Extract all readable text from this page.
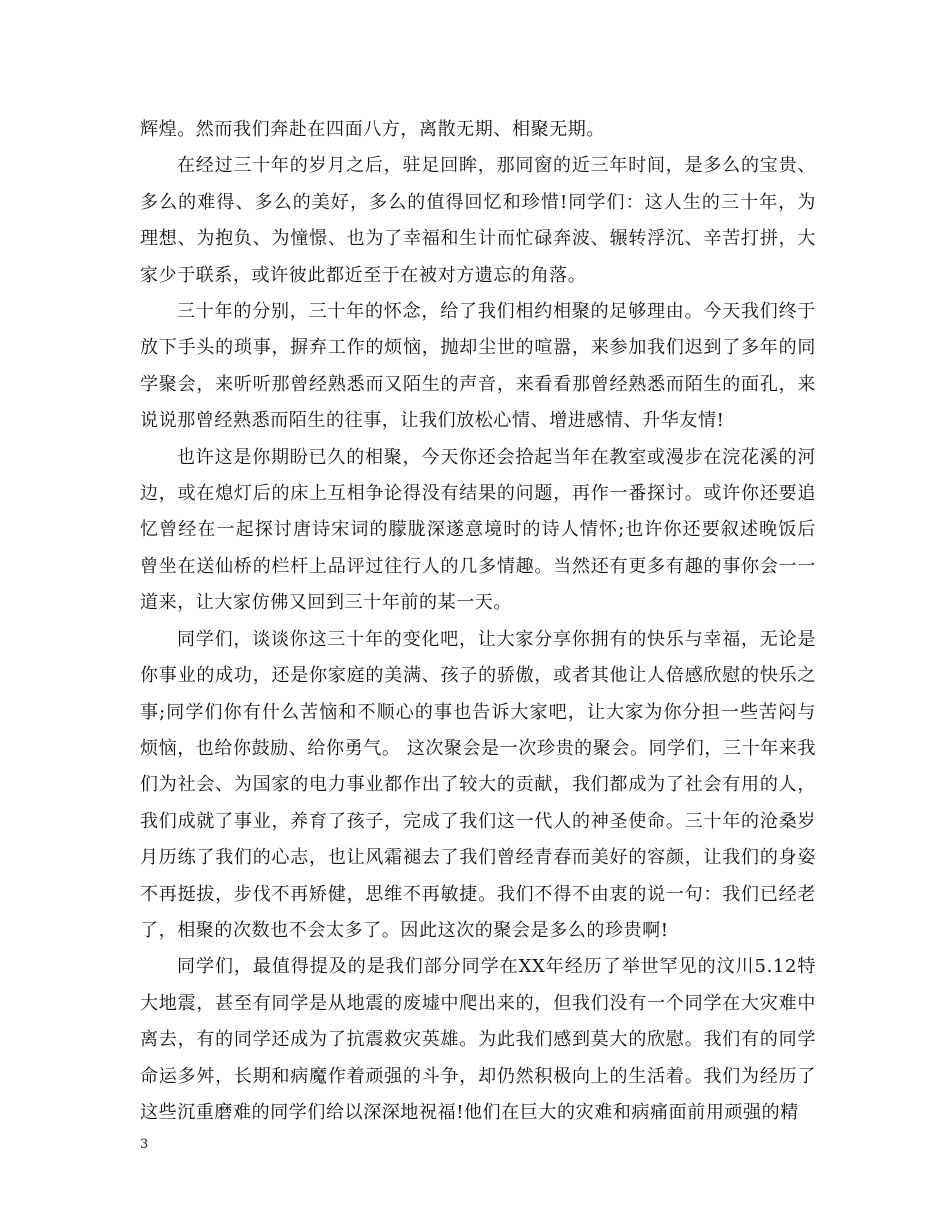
辉煌。然而我们奔赴在四面八方，离散无期、相聚无期。

在经过三十年的岁月之后，驻足回眸，那同窗的近三年时间，是多么的宝贵、多么的难得、多么的美好，多么的值得回忆和珍惜!同学们：这人生的三十年，为理想、为抱负、为憧憬、也为了幸福和生计而忙碌奔波、辗转浮沉、辛苦打拼，大家少于联系，或许彼此都近至于在被对方遗忘的角落。

三十年的分别，三十年的怀念，给了我们相约相聚的足够理由。今天我们终于放下手头的琐事，摒弃工作的烦恼，抛却尘世的喧嚣，来参加我们迟到了多年的同学聚会，来听听那曾经熟悉而又陌生的声音，来看看那曾经熟悉而陌生的面孔，来说说那曾经熟悉而陌生的往事，让我们放松心情、增进感情、升华友情!

也许这是你期盼已久的相聚，今天你还会拾起当年在教室或漫步在浣花溪的河边，或在熄灯后的床上互相争论得没有结果的问题，再作一番探讨。或许你还要追忆曾经在一起探讨唐诗宋词的朦胧深遂意境时的诗人情怀;也许你还要叙述晚饭后曾坐在送仙桥的栏杆上品评过往行人的几多情趣。当然还有更多有趣的事你会一一道来，让大家仿佛又回到三十年前的某一天。

同学们，谈谈你这三十年的变化吧，让大家分享你拥有的快乐与幸福，无论是你事业的成功，还是你家庭的美满、孩子的骄傲，或者其他让人倍感欣慰的快乐之事;同学们你有什么苦恼和不顺心的事也告诉大家吧，让大家为你分担一些苦闷与烦恼，也给你鼓励、给你勇气。 这次聚会是一次珍贵的聚会。同学们，三十年来我们为社会、为国家的电力事业都作出了较大的贡献，我们都成为了社会有用的人，我们成就了事业，养育了孩子，完成了我们这一代人的神圣使命。三十年的沧桑岁月历练了我们的心志，也让风霜褪去了我们曾经青春而美好的容颜，让我们的身姿不再挺拔，步伐不再矫健，思维不再敏捷。我们不得不由衷的说一句：我们已经老了，相聚的次数也不会太多了。因此这次的聚会是多么的珍贵啊!

同学们，最值得提及的是我们部分同学在XX年经历了举世罕见的汶川5.12特大地震，甚至有同学是从地震的废墟中爬出来的，但我们没有一个同学在大灾难中离去，有的同学还成为了抗震救灾英雄。为此我们感到莫大的欣慰。我们有的同学命运多舛，长期和病魔作着顽强的斗争，却仍然积极向上的生活着。我们为经历了这些沉重磨难的同学们给以深深地祝福!他们在巨大的灾难和病痛面前用顽强的精

3
